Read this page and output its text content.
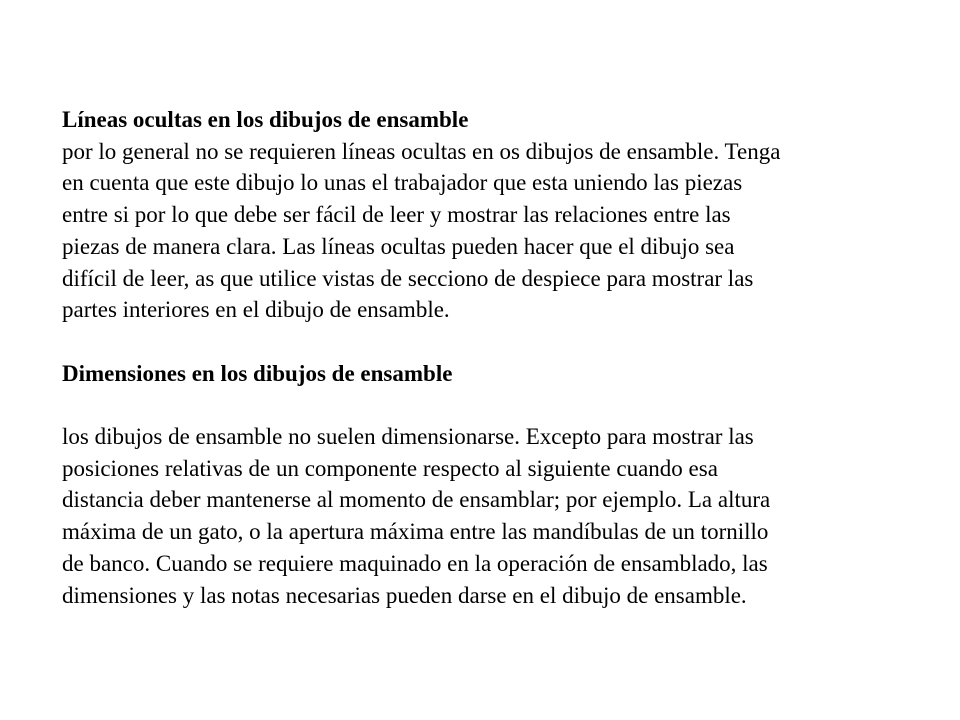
Líneas ocultas en los dibujos de ensamble
por lo general no se requieren líneas ocultas en os dibujos de ensamble. Tenga
en cuenta que este dibujo lo unas el trabajador que esta uniendo las piezas
entre si por lo que debe ser fácil de leer y mostrar las relaciones entre las
piezas de manera clara. Las líneas ocultas pueden hacer que el dibujo sea
difícil de leer, as que utilice vistas de secciono de despiece para mostrar las
partes interiores en el dibujo de ensamble.
Dimensiones en los dibujos de ensamble
los dibujos de ensamble no suelen dimensionarse. Excepto para mostrar las
posiciones relativas de un componente respecto al siguiente cuando esa
distancia deber mantenerse al momento de ensamblar; por ejemplo. La altura
máxima de un gato, o la apertura máxima entre las mandíbulas de un tornillo
de banco. Cuando se requiere maquinado en la operación de ensamblado, las
dimensiones y las notas necesarias pueden darse en el dibujo de ensamble.
